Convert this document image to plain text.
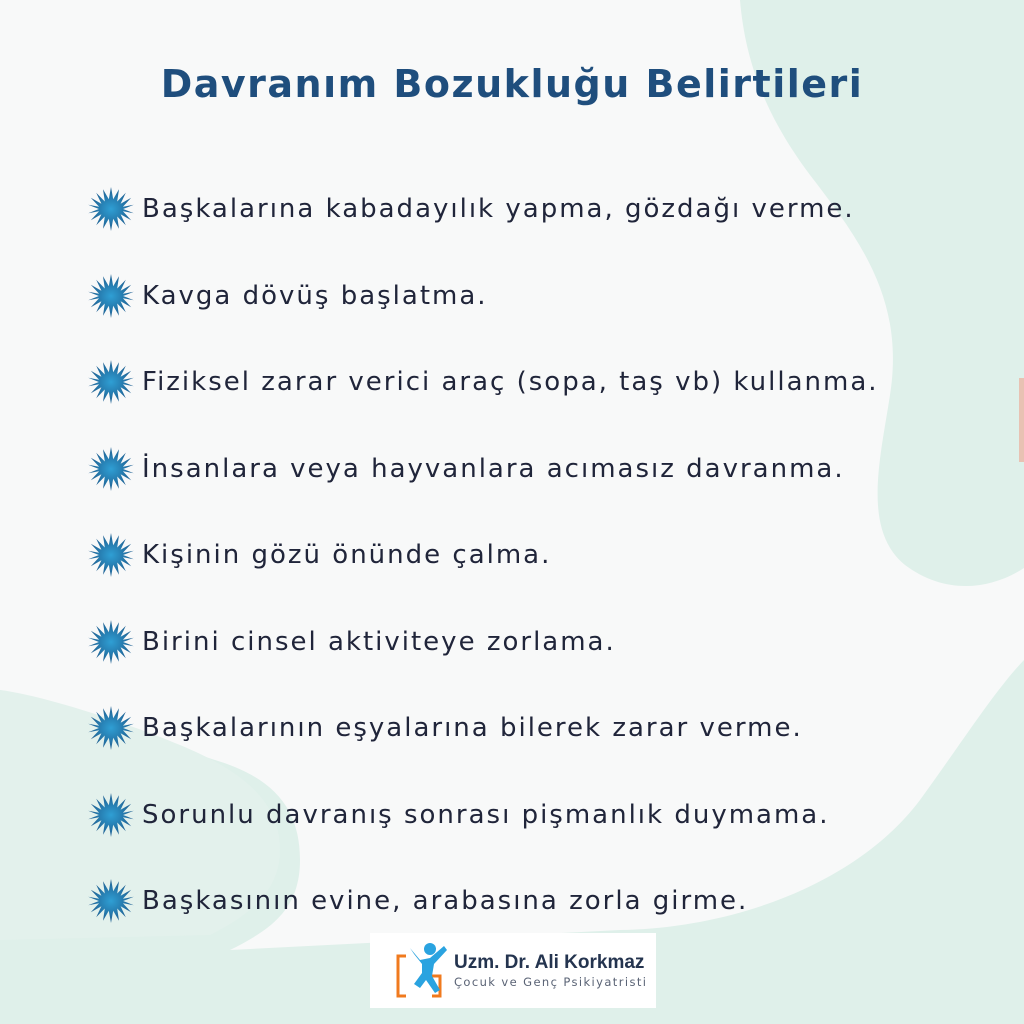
Davranım Bozukluğu Belirtileri
Başkalarına kabadayılık yapma, gözdağı verme.
Kavga dövüş başlatma.
Fiziksel zarar verici araç (sopa, taş vb) kullanma.
İnsanlara veya hayvanlara acımasız davranma.
Kişinin gözü önünde çalma.
Birini cinsel aktiviteye zorlama.
Başkalarının eşyalarına bilerek zarar verme.
Sorunlu davranış sonrası pişmanlık duymama.
Başkasının evine, arabasına zorla girme.
Uzm. Dr. Ali Korkmaz
Çocuk ve Genç Psikiyatristi
